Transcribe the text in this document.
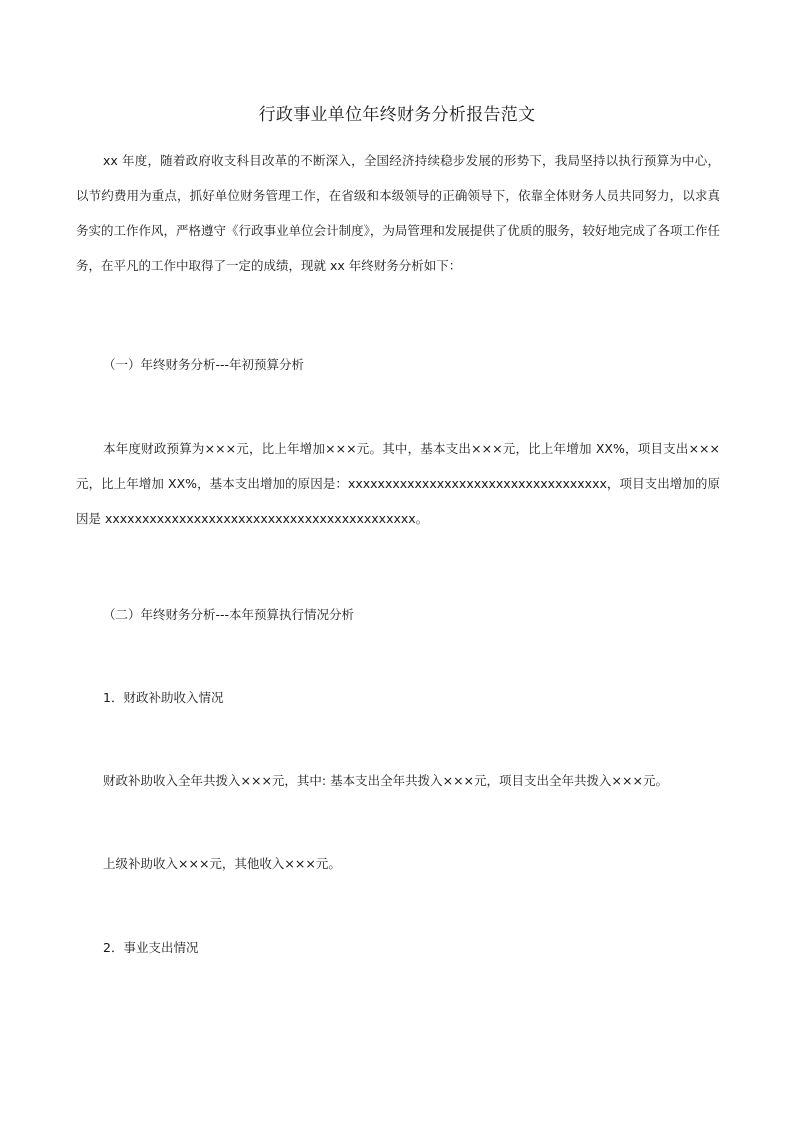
行政事业单位年终财务分析报告范文

xx 年度，随着政府收支科目改革的不断深入，全国经济持续稳步发展的形势下，我局坚持以执行预算为中心，以节约费用为重点，抓好单位财务管理工作，在省级和本级领导的正确领导下，依靠全体财务人员共同努力，以求真务实的工作作风，严格遵守《行政事业单位会计制度》，为局管理和发展提供了优质的服务，较好地完成了各项工作任务，在平凡的工作中取得了一定的成绩，现就 xx 年终财务分析如下：

（一）年终财务分析---年初预算分析

本年度财政预算为×××元，比上年增加×××元。其中，基本支出×××元，比上年增加 XX%，项目支出×××元，比上年增加 XX%，基本支出增加的原因是：xxxxxxxxxxxxxxxxxxxxxxxxxxxxxxxxxxx，项目支出增加的原因是 xxxxxxxxxxxxxxxxxxxxxxxxxxxxxxxxxxxxxxxxxx。

（二）年终财务分析---本年预算执行情况分析
1．财政补助收入情况

财政补助收入全年共拨入×××元，其中: 基本支出全年共拨入×××元，项目支出全年共拨入×××元。

上级补助收入×××元，其他收入×××元。

2．事业支出情况
